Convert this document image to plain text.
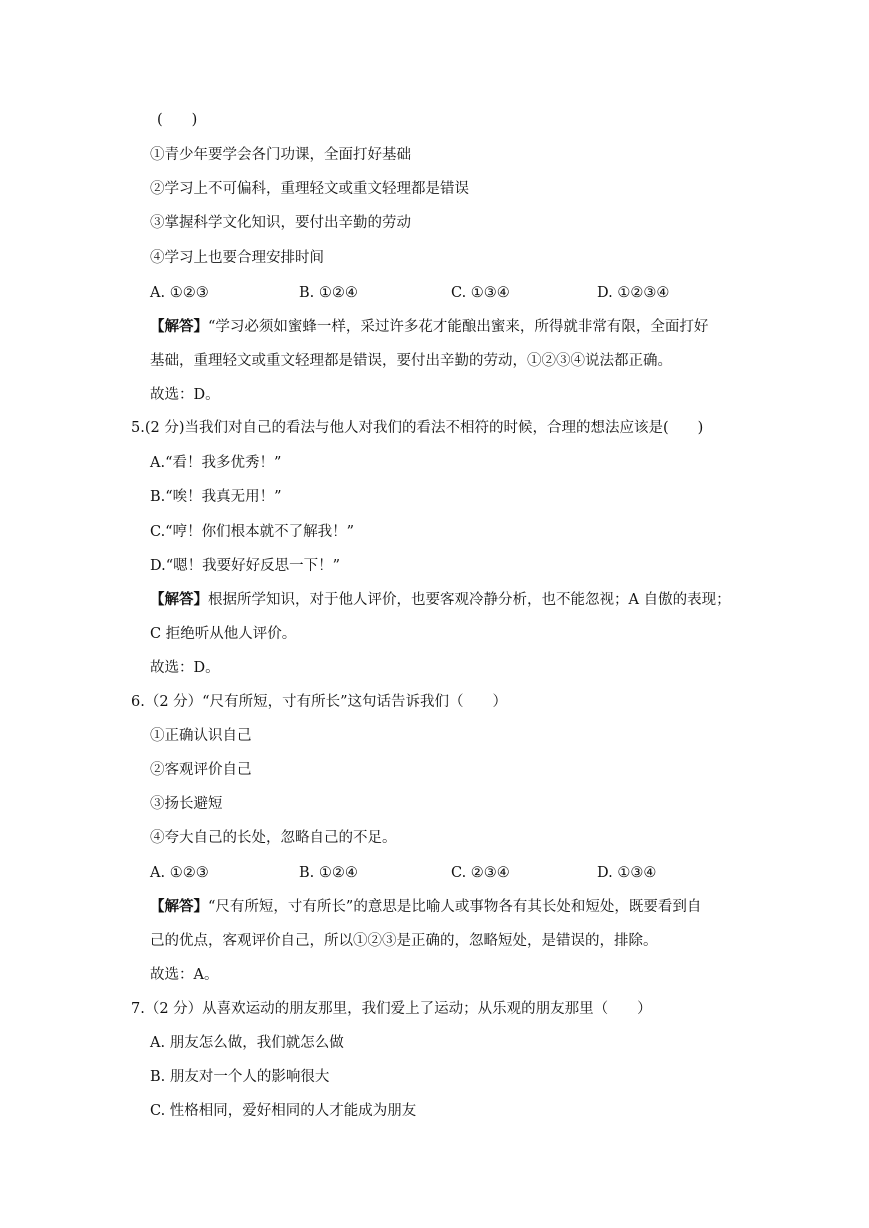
(　　)
①青少年要学会各门功课，全面打好基础
②学习上不可偏科，重理轻文或重文轻理都是错误
③掌握科学文化知识，要付出辛勤的劳动
④学习上也要合理安排时间
A. ①②③	B. ①②④	C. ①③④	D. ①②③④
【解答】“学习必须如蜜蜂一样，采过许多花才能酿出蜜来，所得就非常有限，全面打好
基础，重理轻文或重文轻理都是错误，要付出辛勤的劳动，①②③④说法都正确。
故选：D。
5.(2 分)当我们对自己的看法与他人对我们的看法不相符的时候，合理的想法应该是(　　)
A.“看！我多优秀！”
B.“唉！我真无用！”
C.“哼！你们根本就不了解我！”
D.“嗯！我要好好反思一下！”
【解答】根据所学知识，对于他人评价，也要客观冷静分析，也不能忽视；A 自傲的表现；
C 拒绝听从他人评价。
故选：D。
6.（2 分）“尺有所短，寸有所长”这句话告诉我们（　　）
①正确认识自己
②客观评价自己
③扬长避短
④夸大自己的长处，忽略自己的不足。
A. ①②③	B. ①②④	C. ②③④	D. ①③④
【解答】“尺有所短，寸有所长”的意思是比喻人或事物各有其长处和短处，既要看到自
己的优点，客观评价自己，所以①②③是正确的，忽略短处，是错误的，排除。
故选：A。
7.（2 分）从喜欢运动的朋友那里，我们爱上了运动；从乐观的朋友那里（　　）
A. 朋友怎么做，我们就怎么做
B. 朋友对一个人的影响很大
C. 性格相同，爱好相同的人才能成为朋友
